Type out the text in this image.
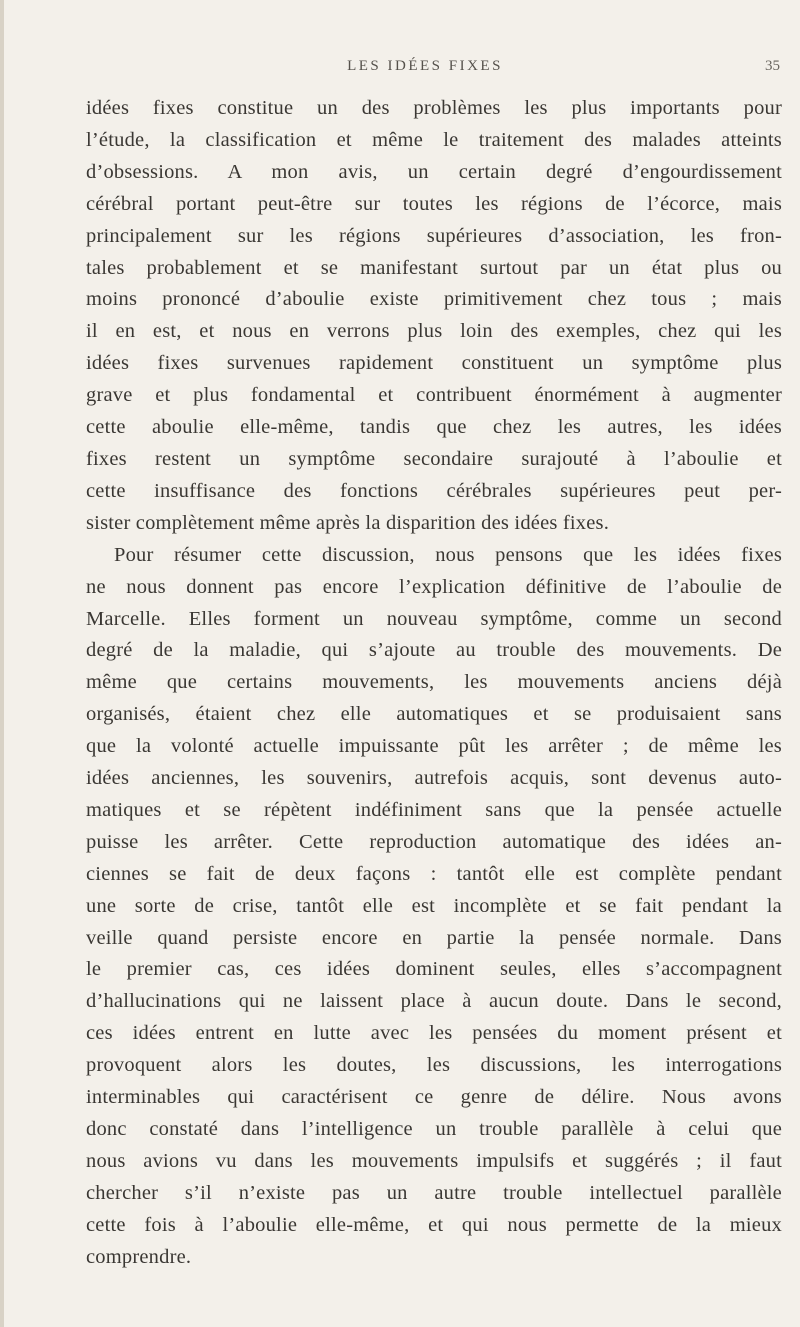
LES IDÉES FIXES	35
idées fixes constitue un des problèmes les plus importants pour
l’étude, la classification et même le traitement des malades atteints
d’obsessions. A mon avis, un certain degré d’engourdissement
cérébral portant peut-être sur toutes les régions de l’écorce, mais
principalement sur les régions supérieures d’association, les fron-
tales probablement et se manifestant surtout par un état plus ou
moins prononcé d’aboulie existe primitivement chez tous ; mais
il en est, et nous en verrons plus loin des exemples, chez qui les
idées fixes survenues rapidement constituent un symptôme plus
grave et plus fondamental et contribuent énormément à augmenter
cette aboulie elle-même, tandis que chez les autres, les idées
fixes restent un symptôme secondaire surajouté à l’aboulie et
cette insuffisance des fonctions cérébrales supérieures peut per-
sister complètement même après la disparition des idées fixes.
Pour résumer cette discussion, nous pensons que les idées fixes
ne nous donnent pas encore l’explication définitive de l’aboulie de
Marcelle. Elles forment un nouveau symptôme, comme un second
degré de la maladie, qui s’ajoute au trouble des mouvements. De
même que certains mouvements, les mouvements anciens déjà
organisés, étaient chez elle automatiques et se produisaient sans
que la volonté actuelle impuissante pût les arrêter ; de même les
idées anciennes, les souvenirs, autrefois acquis, sont devenus auto-
matiques et se répètent indéfiniment sans que la pensée actuelle
puisse les arrêter. Cette reproduction automatique des idées an-
ciennes se fait de deux façons : tantôt elle est complète pendant
une sorte de crise, tantôt elle est incomplète et se fait pendant la
veille quand persiste encore en partie la pensée normale. Dans
le premier cas, ces idées dominent seules, elles s’accompagnent
d’hallucinations qui ne laissent place à aucun doute. Dans le second,
ces idées entrent en lutte avec les pensées du moment présent et
provoquent alors les doutes, les discussions, les interrogations
interminables qui caractérisent ce genre de délire. Nous avons
donc constaté dans l’intelligence un trouble parallèle à celui que
nous avions vu dans les mouvements impulsifs et suggérés ; il faut
chercher s’il n’existe pas un autre trouble intellectuel parallèle
cette fois à l’aboulie elle-même, et qui nous permette de la mieux
comprendre.
